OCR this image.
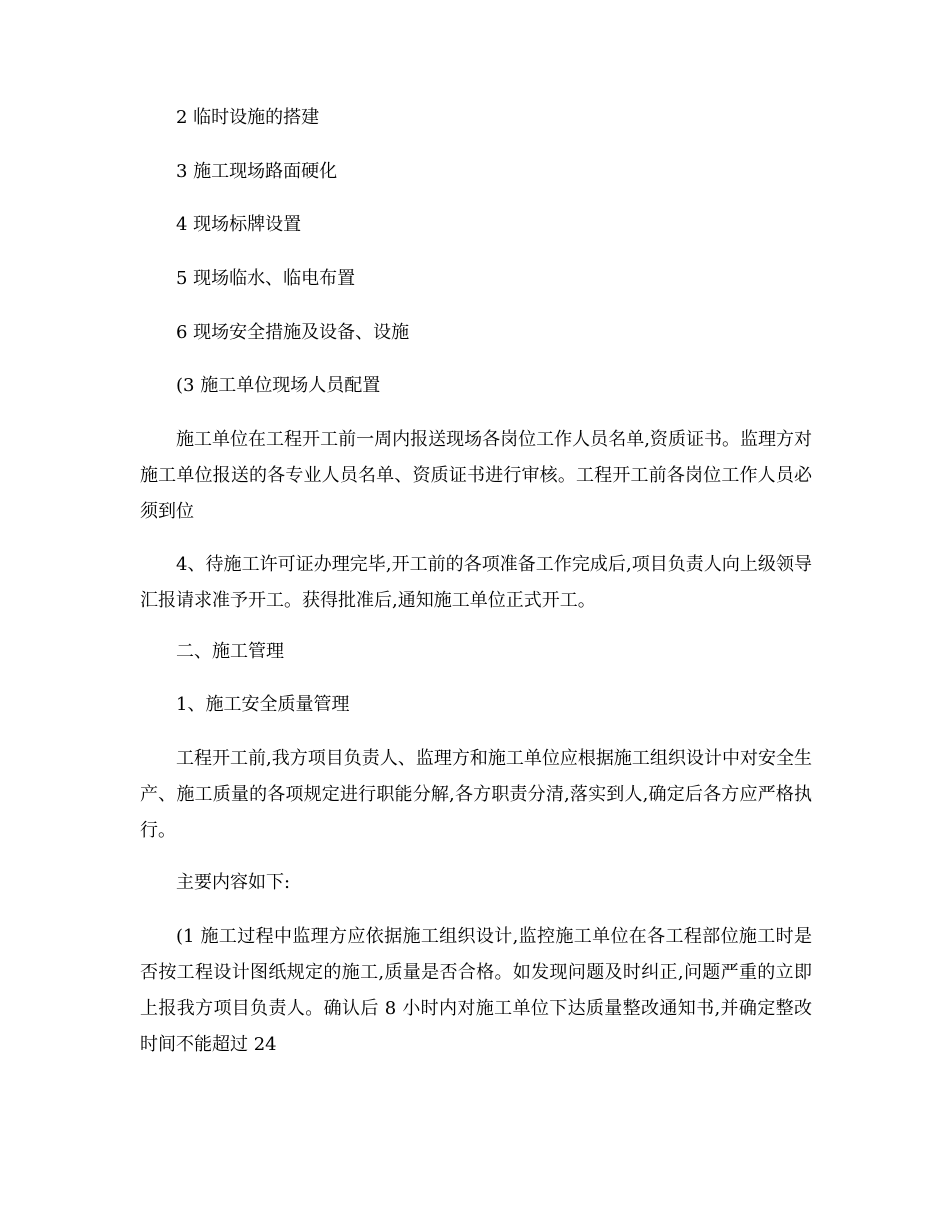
2 临时设施的搭建
3 施工现场路面硬化
4 现场标牌设置
5 现场临水、临电布置
6 现场安全措施及设备、设施
(3 施工单位现场人员配置
施工单位在工程开工前一周内报送现场各岗位工作人员名单,资质证书。监理方对施工单位报送的各专业人员名单、资质证书进行审核。工程开工前各岗位工作人员必须到位
4、待施工许可证办理完毕,开工前的各项准备工作完成后,项目负责人向上级领导汇报请求准予开工。获得批准后,通知施工单位正式开工。
二、施工管理
1、施工安全质量管理
工程开工前,我方项目负责人、监理方和施工单位应根据施工组织设计中对安全生产、施工质量的各项规定进行职能分解,各方职责分清,落实到人,确定后各方应严格执行。
主要内容如下:
(1 施工过程中监理方应依据施工组织设计,监控施工单位在各工程部位施工时是否按工程设计图纸规定的施工,质量是否合格。如发现问题及时纠正,问题严重的立即上报我方项目负责人。确认后 8 小时内对施工单位下达质量整改通知书,并确定整改时间不能超过 24
